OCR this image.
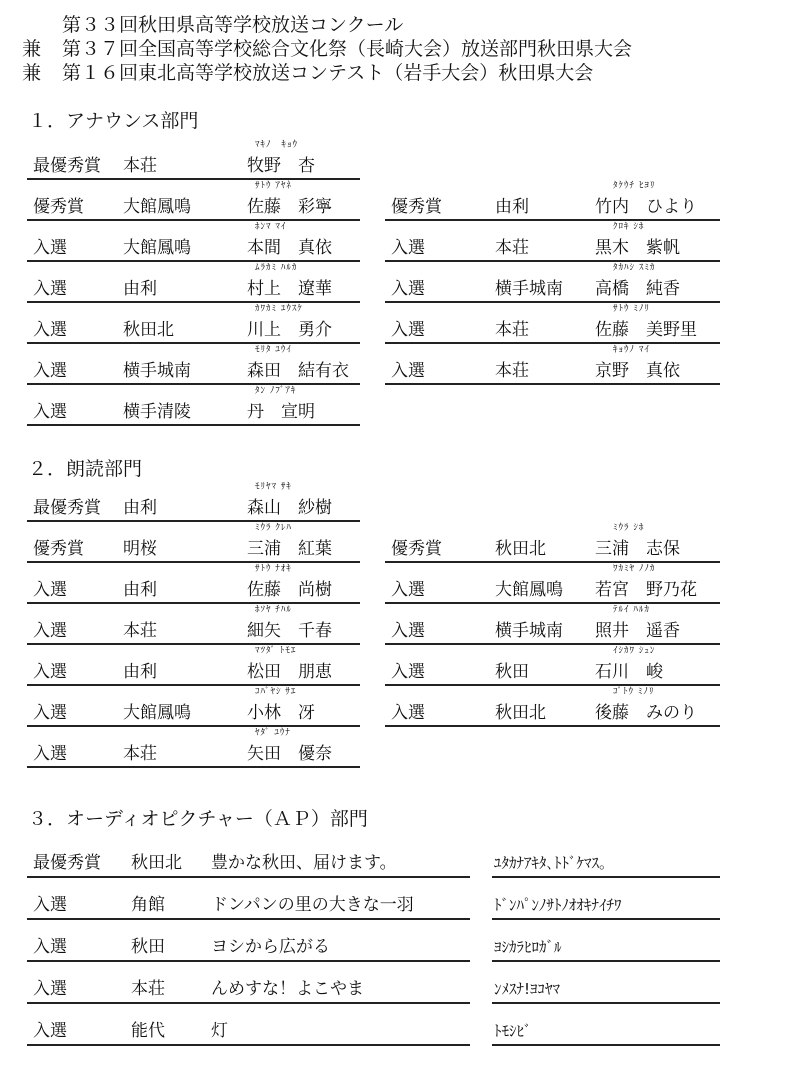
第３３回秋田県高等学校放送コンクール
兼 第３７回全国高等学校総合文化祭（長崎大会）放送部門秋田県大会
兼 第１６回東北高等学校放送コンテスト（岩手大会）秋田県大会
１．アナウンス部門
ﾏｷﾉ　ｷｮｳ
最優秀賞 本荘	牧野　杏
ｻﾄｳ ｱﾔﾈ
優秀賞 大館鳳鳴	佐藤　彩寧
ﾎﾝﾏ ﾏｲ
入選	大館鳳鳴	本間　真依
ﾑﾗｶﾐ ﾊﾙｶ
入選	由利	村上　遼華
ｶﾜｶﾐ ﾕｳｽｹ
入選	秋田北	川上　勇介
ﾓﾘﾀ ﾕｳｲ
入選	横手城南	森田　結有衣
ﾀﾝ ﾉﾌﾞｱｷ
入選	横手清陵	丹　宣明
ﾀｹｳﾁ ﾋﾖﾘ
優秀賞	由利	竹内　ひより
ｸﾛｷ ｼﾎ
入選	本荘	黒木　紫帆
ﾀｶﾊｼ ｽﾐｶ
入選	横手城南 高橋　純香
ｻﾄｳ ﾐﾉﾘ
入選	本荘	佐藤　美野里
ｷｮｳﾉ ﾏｲ
入選	本荘	京野　真依
２．朗読部門
ﾓﾘﾔﾏ ｻｷ
最優秀賞 由利	森山　紗樹
ﾐｳﾗ ｸﾚﾊ
優秀賞 明桜	三浦　紅葉
ｻﾄｳ ﾅｵｷ
入選	由利	佐藤　尚樹
ﾎｿﾔ ﾁﾊﾙ
入選	本荘	細矢　千春
ﾏﾂﾀﾞ ﾄﾓｴ
入選	由利	松田　朋恵
ｺﾊﾞﾔｼ ｻｴ
入選	大館鳳鳴	小林　冴
ﾔﾀﾞ ﾕｳﾅ
入選	本荘	矢田　優奈
ﾐｳﾗ ｼﾎ
優秀賞	秋田北	三浦　志保
ﾜｶﾐﾔ ﾉﾉｶ
入選	大館鳳鳴 若宮　野乃花
ﾃﾙｲ ﾊﾙｶ
入選	横手城南 照井　遥香
ｲｼｶﾜ ｼｭﾝ
入選	秋田	石川　峻
ｺﾞﾄｳ ﾐﾉﾘ
入選	秋田北	後藤　みのり
３．オーディオピクチャー（ＡＰ）部門
最優秀賞 秋田北 豊かな秋田、届けます。	ﾕﾀｶﾅｱｷﾀ､ﾄﾄﾞｹﾏｽ｡
入選	角館	ドンパンの里の大きな一羽	ﾄﾞﾝﾊﾟﾝﾉｻﾄﾉｵｵｷﾅｲﾁﾜ
入選	秋田	ヨシから広がる	ﾖｼｶﾗﾋﾛｶﾞﾙ
入選	本荘	んめすな！よこやま	ﾝﾒｽﾅ!ﾖｺﾔﾏ
入選	能代	灯	ﾄﾓｼﾋﾞ
